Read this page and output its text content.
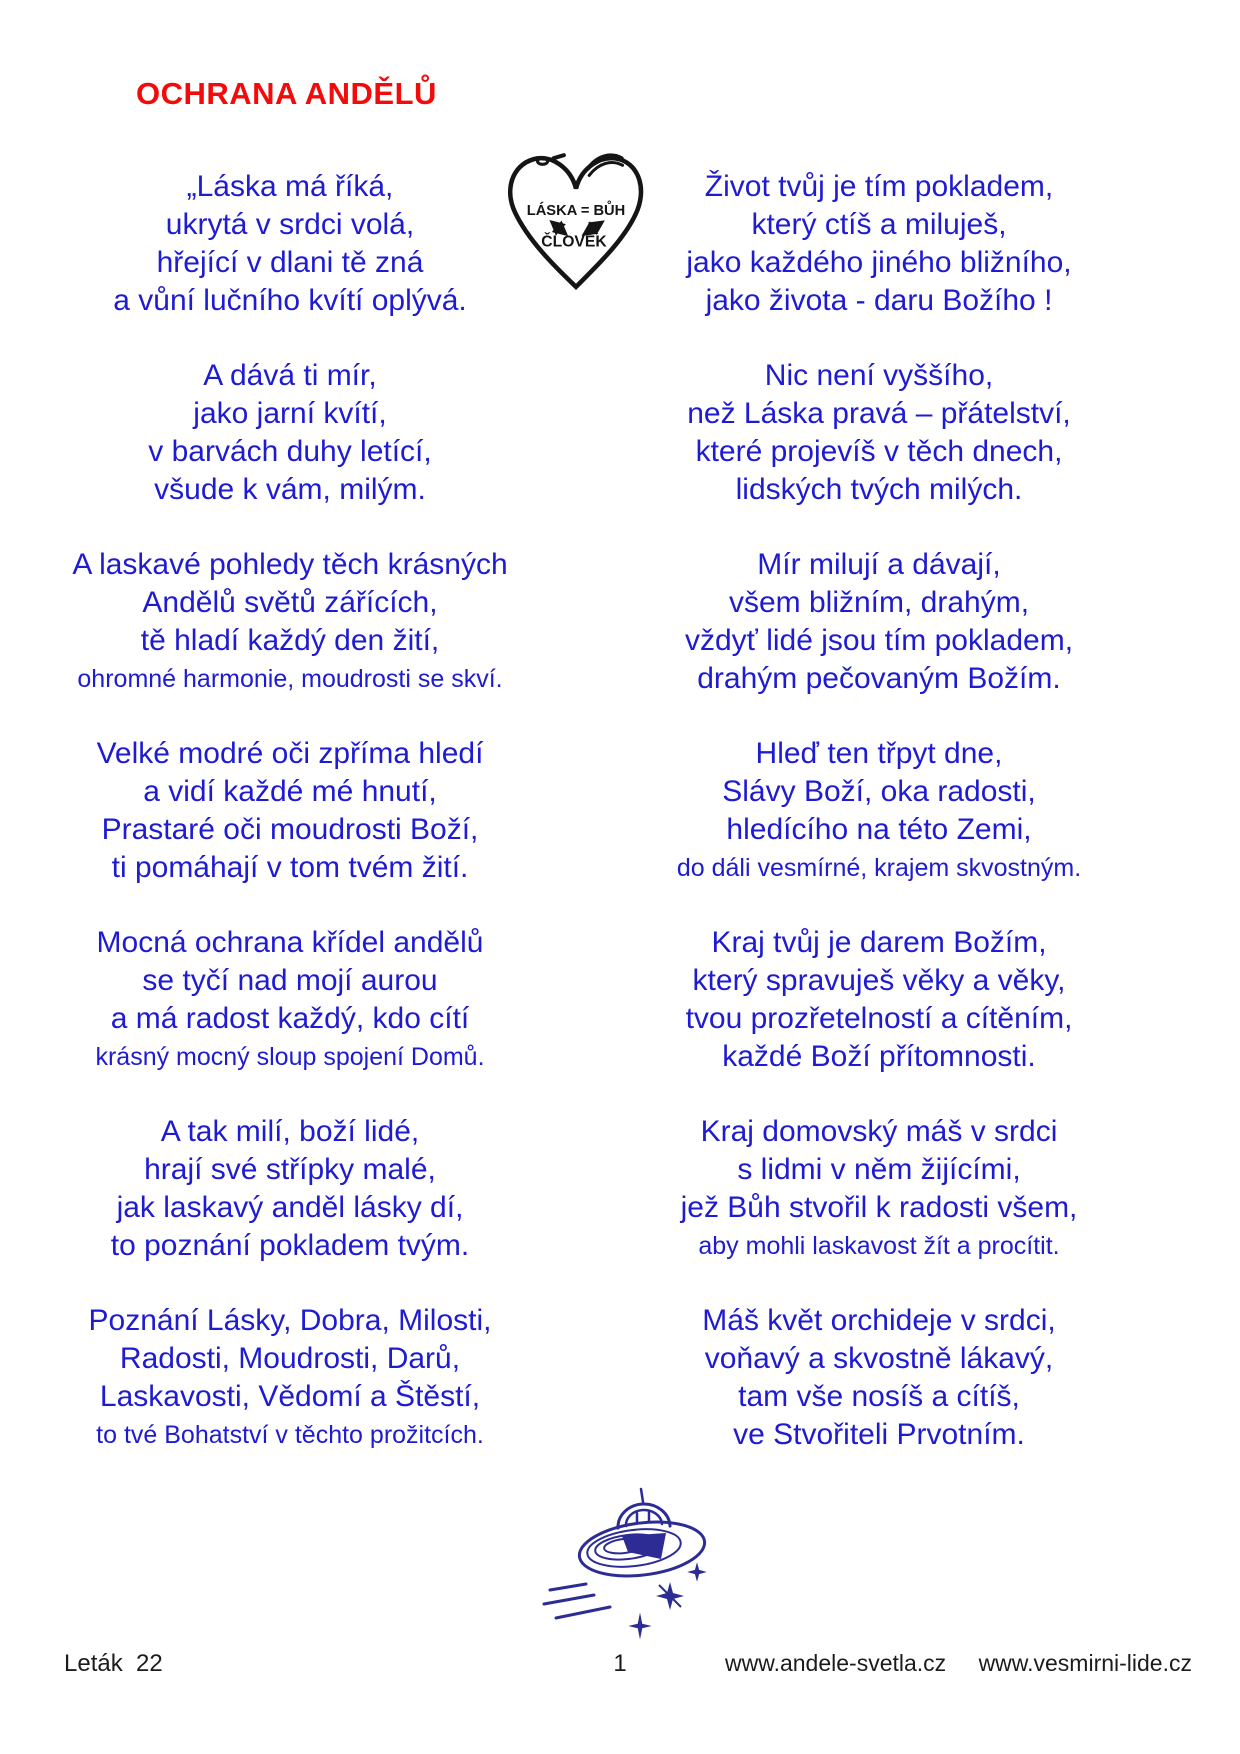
OCHRANA ANDĚLŮ
LÁSKA = BŮH
ČLOVĚK
„Láska má říká,
ukrytá v srdci volá,
hřející v dlani tě zná
a vůní lučního kvítí oplývá.
A dává ti mír,
jako jarní kvítí,
v barvách duhy letící,
všude k vám, milým.
A laskavé pohledy těch krásných
Andělů světů zářících,
tě hladí každý den žití,
ohromné harmonie, moudrosti se skví.
Velké modré oči zpříma hledí
a vidí každé mé hnutí,
Prastaré oči moudrosti Boží,
ti pomáhají v tom tvém žití.
Mocná ochrana křídel andělů
se tyčí nad mojí aurou
a má radost každý, kdo cítí
krásný mocný sloup spojení Domů.
A tak milí, boží lidé,
hrají své střípky malé,
jak laskavý anděl lásky dí,
to poznání pokladem tvým.
Poznání Lásky, Dobra, Milosti,
Radosti, Moudrosti, Darů,
Laskavosti, Vědomí a Štěstí,
to tvé Bohatství v těchto prožitcích.
Život tvůj je tím pokladem,
který ctíš a miluješ,
jako každého jiného bližního,
jako života - daru Božího !
Nic není vyššího,
než Láska pravá – přátelství,
které projevíš v těch dnech,
lidských tvých milých.
Mír milují a dávají,
všem bližním, drahým,
vždyť lidé jsou tím pokladem,
drahým pečovaným Božím.
Hleď ten třpyt dne,
Slávy Boží, oka radosti,
hledícího na této Zemi,
do dáli vesmírné, krajem skvostným.
Kraj tvůj je darem Božím,
který spravuješ věky a věky,
tvou prozřetelností a cítěním,
každé Boží přítomnosti.
Kraj domovský máš v srdci
s lidmi v něm žijícími,
jež Bůh stvořil k radosti všem,
aby mohli laskavost žít a procítit.
Máš květ orchideje v srdci,
voňavý a skvostně lákavý,
tam vše nosíš a cítíš,
ve Stvořiteli Prvotním.
Leták  22	1	www.andele-svetla.cz www.vesmirni-lide.cz
